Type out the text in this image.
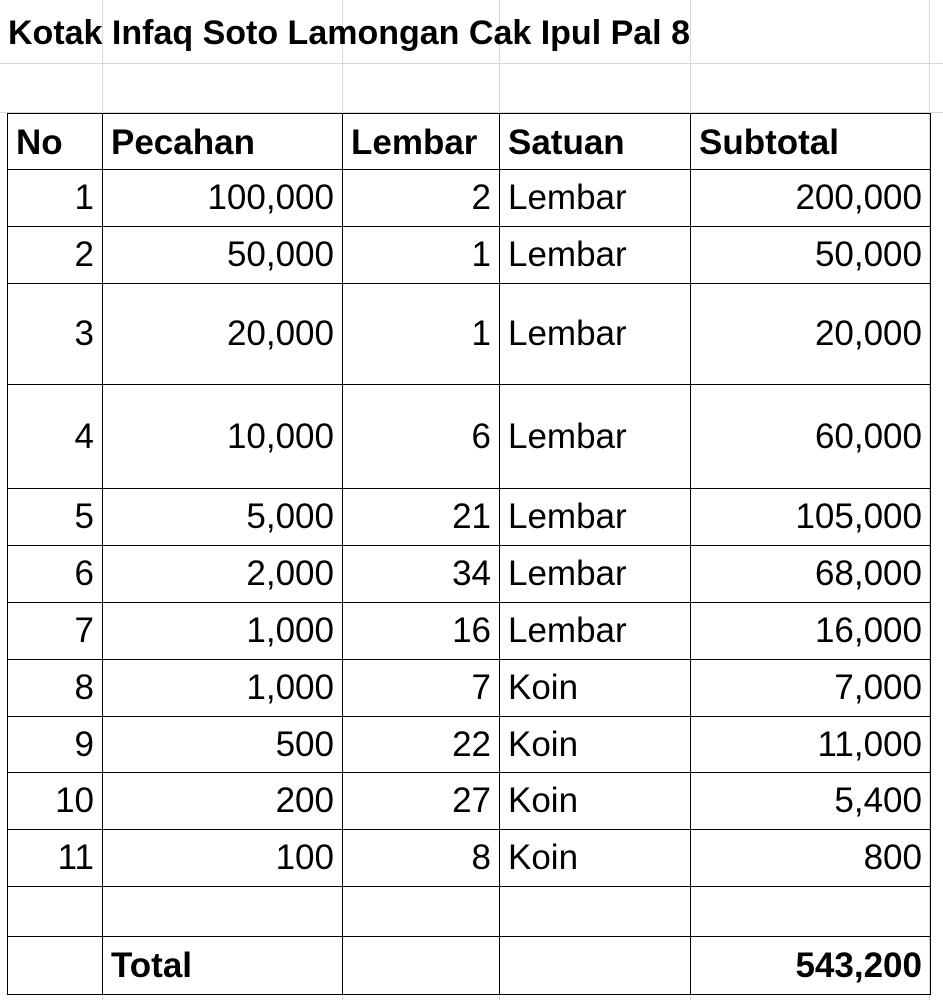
Kotak Infaq Soto Lamongan Cak Ipul Pal 8
No	Pecahan	Lembar	Satuan	Subtotal
1	100,000	2	Lembar	200,000
2	50,000	1	Lembar	50,000
3	20,000	1	Lembar	20,000
4	10,000	6	Lembar	60,000
5	5,000	21	Lembar	105,000
6	2,000	34	Lembar	68,000
7	1,000	16	Lembar	16,000
8	1,000	7	Koin	7,000
9	500	22	Koin	11,000
10	200	27	Koin	5,400
11	100	8	Koin	800

	Total			543,200
